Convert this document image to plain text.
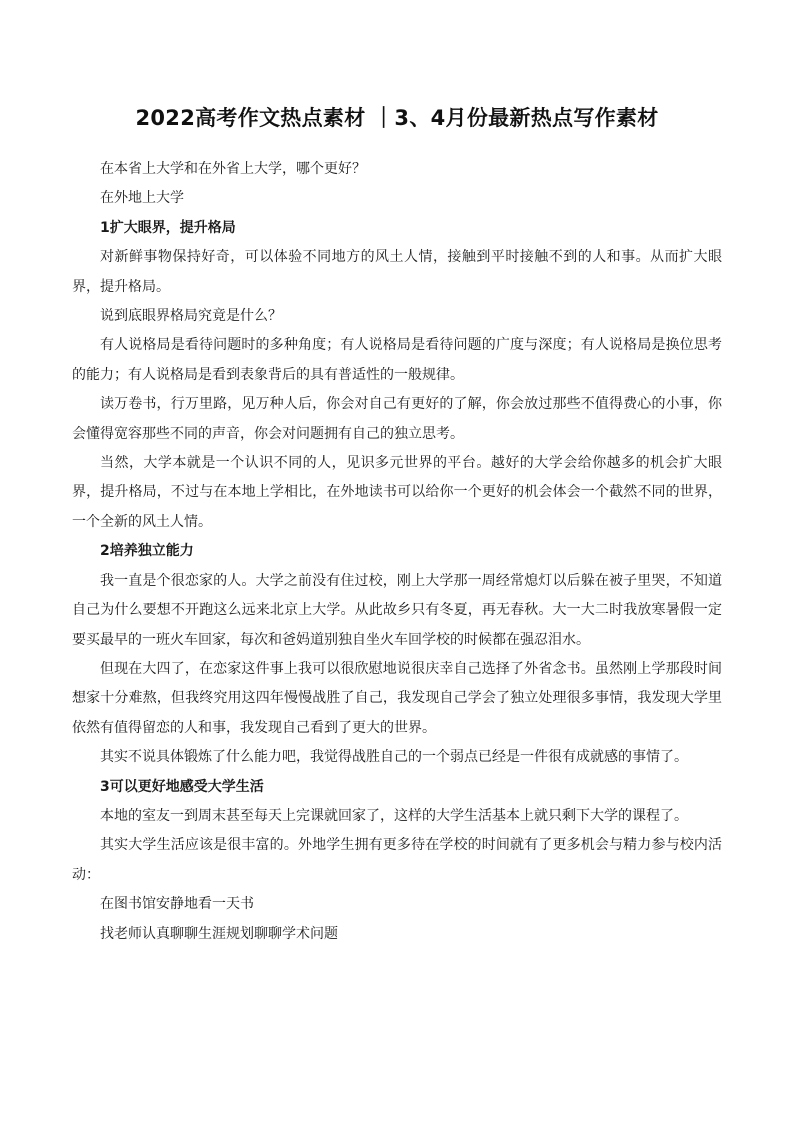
2022高考作文热点素材 ｜3、4月份最新热点写作素材

在本省上大学和在外省上大学，哪个更好？

在外地上大学

1扩大眼界，提升格局

对新鲜事物保持好奇，可以体验不同地方的风土人情，接触到平时接触不到的人和事。从而扩大眼界，提升格局。

说到底眼界格局究竟是什么？

有人说格局是看待问题时的多种角度；有人说格局是看待问题的广度与深度；有人说格局是换位思考的能力；有人说格局是看到表象背后的具有普适性的一般规律。

读万卷书，行万里路，见万种人后，你会对自己有更好的了解，你会放过那些不值得费心的小事，你会懂得宽容那些不同的声音，你会对问题拥有自己的独立思考。

当然，大学本就是一个认识不同的人，见识多元世界的平台。越好的大学会给你越多的机会扩大眼界，提升格局，不过与在本地上学相比，在外地读书可以给你一个更好的机会体会一个截然不同的世界，一个全新的风土人情。

2培养独立能力

我一直是个很恋家的人。大学之前没有住过校，刚上大学那一周经常熄灯以后躲在被子里哭，不知道自己为什么要想不开跑这么远来北京上大学。从此故乡只有冬夏，再无春秋。大一大二时我放寒暑假一定要买最早的一班火车回家，每次和爸妈道别独自坐火车回学校的时候都在强忍泪水。

但现在大四了，在恋家这件事上我可以很欣慰地说很庆幸自己选择了外省念书。虽然刚上学那段时间想家十分难熬，但我终究用这四年慢慢战胜了自己，我发现自己学会了独立处理很多事情，我发现大学里依然有值得留恋的人和事，我发现自己看到了更大的世界。

其实不说具体锻炼了什么能力吧，我觉得战胜自己的一个弱点已经是一件很有成就感的事情了。

3可以更好地感受大学生活

本地的室友一到周末甚至每天上完课就回家了，这样的大学生活基本上就只剩下大学的课程了。

其实大学生活应该是很丰富的。外地学生拥有更多待在学校的时间就有了更多机会与精力参与校内活动：

在图书馆安静地看一天书

找老师认真聊聊生涯规划聊聊学术问题
